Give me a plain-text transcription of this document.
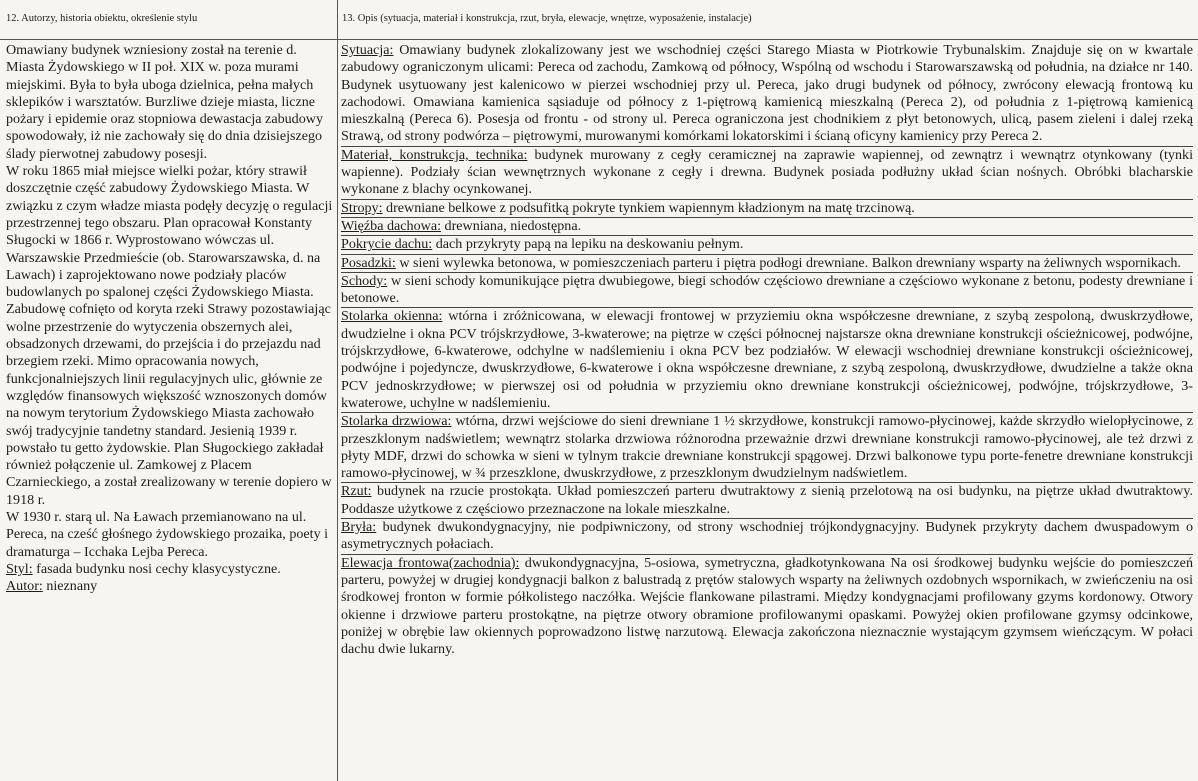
12. Autorzy, historia obiektu, określenie stylu	13. Opis (sytuacja, materiał i konstrukcja, rzut, bryła, elewacje, wnętrze, wyposażenie, instalacje)

Omawiany budynek wzniesiony został na terenie d. Miasta Żydowskiego w II poł. XIX w. poza murami miejskimi. Była to była uboga dzielnica, pełna małych sklepików i warsztatów. Burzliwe dzieje miasta, liczne pożary i epidemie oraz stopniowa dewastacja zabudowy spowodowały, iż nie zachowały się do dnia dzisiejszego ślady pierwotnej zabudowy posesji.

W roku 1865 miał miejsce wielki pożar, który strawił doszczętnie część zabudowy Żydowskiego Miasta. W związku z czym władze miasta podęły decyzję o regulacji przestrzennej tego obszaru. Plan opracował Konstanty Sługocki w 1866 r. Wyprostowano wówczas ul. Warszawskie Przedmieście (ob. Starowarszawska, d. na Lawach) i zaprojektowano nowe podziały placów budowlanych po spalonej części Żydowskiego Miasta. Zabudowę cofnięto od koryta rzeki Strawy pozostawiając wolne przestrzenie do wytyczenia obszernych alei, obsadzonych drzewami, do przejścia i do przejazdu nad brzegiem rzeki. Mimo opracowania nowych, funkcjonalniejszych linii regulacyjnych ulic, głównie ze względów finansowych większość wznoszonych domów na nowym terytorium Żydowskiego Miasta zachowało swój tradycyjnie tandetny standard. Jesienią 1939 r. powstało tu getto żydowskie. Plan Sługockiego zakładał również połączenie ul. Zamkowej z Placem Czarnieckiego, a został zrealizowany w terenie dopiero w 1918 r.

W 1930 r. starą ul. Na Ławach przemianowano na ul. Pereca, na cześć głośnego żydowskiego prozaika, poety i dramaturga – Icchaka Lejba Pereca.

Styl: fasada budynku nosi cechy klasycystyczne.

Autor: nieznany

Sytuacja: Omawiany budynek zlokalizowany jest we wschodniej części Starego Miasta w Piotrkowie Trybunalskim. Znajduje się on w kwartale zabudowy ograniczonym ulicami: Pereca od zachodu, Zamkową od północy, Wspólną od wschodu i Starowarszawską od południa, na działce nr 140. Budynek usytuowany jest kalenicowo w pierzei wschodniej przy ul. Pereca, jako drugi budynek od północy, zwrócony elewacją frontową ku zachodowi. Omawiana kamienica sąsiaduje od północy z 1-piętrową kamienicą mieszkalną (Pereca 2), od południa z 1-piętrową kamienicą mieszkalną (Pereca 6). Posesja od frontu - od strony ul. Pereca ograniczona jest chodnikiem z płyt betonowych, ulicą, pasem zieleni i dalej rzeką Strawą, od strony podwórza – piętrowymi, murowanymi komórkami lokatorskimi i ścianą oficyny kamienicy przy Pereca 2.

Materiał, konstrukcja, technika: budynek murowany z cegły ceramicznej na zaprawie wapiennej, od zewnątrz i wewnątrz otynkowany (tynki wapienne). Podziały ścian wewnętrznych wykonane z cegły i drewna. Budynek posiada podłużny układ ścian nośnych. Obróbki blacharskie wykonane z blachy ocynkowanej.

Stropy: drewniane belkowe z podsufitką pokryte tynkiem wapiennym kładzionym na matę trzcinową.

Więźba dachowa: drewniana, niedostępna.

Pokrycie dachu: dach przykryty papą na lepiku na deskowaniu pełnym.

Posadzki: w sieni wylewka betonowa, w pomieszczeniach parteru i piętra podłogi drewniane. Balkon drewniany wsparty na żeliwnych wspornikach.

Schody: w sieni schody komunikujące piętra dwubiegowe, biegi schodów częściowo drewniane a częściowo wykonane z betonu, podesty drewniane i betonowe.

Stolarka okienna: wtórna i zróżnicowana, w elewacji frontowej w przyziemiu okna współczesne drewniane, z szybą zespoloną, dwuskrzydłowe, dwudzielne i okna PCV trójskrzydłowe, 3-kwaterowe; na piętrze w części północnej najstarsze okna drewniane konstrukcji ościeżnicowej, podwójne, trójskrzydłowe, 6-kwaterowe, odchylne w nadślemieniu i okna PCV bez podziałów. W elewacji wschodniej drewniane konstrukcji ościeżnicowej, podwójne i pojedyncze, dwuskrzydłowe, 6-kwaterowe i okna współczesne drewniane, z szybą zespoloną, dwuskrzydłowe, dwudzielne a także okna PCV jednoskrzydłowe; w pierwszej osi od południa w przyziemiu okno drewniane konstrukcji ościeżnicowej, podwójne, trójskrzydłowe, 3-kwaterowe, uchylne w nadślemieniu.

Stolarka drzwiowa: wtórna, drzwi wejściowe do sieni drewniane 1 ½ skrzydłowe, konstrukcji ramowo-płycinowej, każde skrzydło wielopłycinowe, z przeszklonym nadświetlem; wewnątrz stolarka drzwiowa różnorodna przeważnie drzwi drewniane konstrukcji ramowo-płycinowej, ale też drzwi z płyty MDF, drzwi do schowka w sieni w tylnym trakcie drewniane konstrukcji spągowej. Drzwi balkonowe typu porte-fenetre drewniane konstrukcji ramowo-płycinowej, w ¾ przeszklone, dwuskrzydłowe, z przeszklonym dwudzielnym nadświetlem.

Rzut: budynek na rzucie prostokąta. Układ pomieszczeń parteru dwutraktowy z sienią przelotową na osi budynku, na piętrze układ dwutraktowy. Poddasze użytkowe z częściowo przeznaczone na lokale mieszkalne.

Bryła: budynek dwukondygnacyjny, nie podpiwniczony, od strony wschodniej trójkondygnacyjny. Budynek przykryty dachem dwuspadowym o asymetrycznych połaciach.

Elewacja frontowa(zachodnia): dwukondygnacyjna, 5-osiowa, symetryczna, gładkotynkowana Na osi środkowej budynku wejście do pomieszczeń parteru, powyżej w drugiej kondygnacji balkon z balustradą z prętów stalowych wsparty na żeliwnych ozdobnych wspornikach, w zwieńczeniu na osi środkowej fronton w formie półkolistego naczółka. Wejście flankowane pilastrami. Między kondygnacjami profilowany gzyms kordonowy. Otwory okienne i drzwiowe parteru prostokątne, na piętrze otwory obramione profilowanymi opaskami. Powyżej okien profilowane gzymsy odcinkowe, poniżej w obrębie law okiennych poprowadzono listwę narzutową. Elewacja zakończona nieznacznie wystającym gzymsem wieńczącym. W połaci dachu dwie lukarny.
